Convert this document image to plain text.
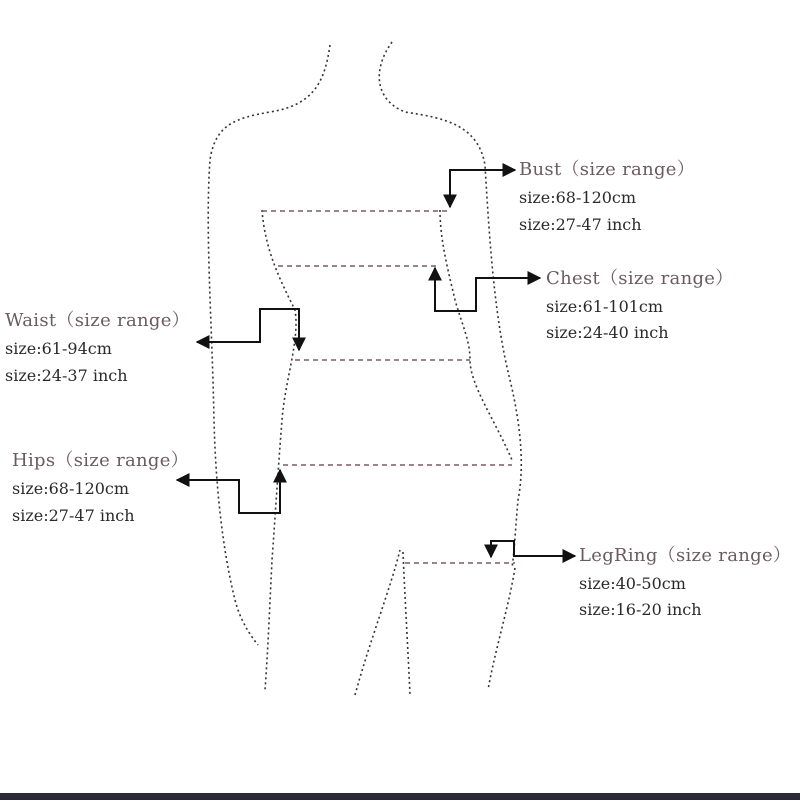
Bust（size range）
size:68-120cm
size:27-47 inch
Chest（size range）
size:61-101cm
size:24-40 inch
Waist（size range）
size:61-94cm
size:24-37 inch
Hips（size range）
size:68-120cm
size:27-47 inch
LegRing（size range）
size:40-50cm
size:16-20 inch
